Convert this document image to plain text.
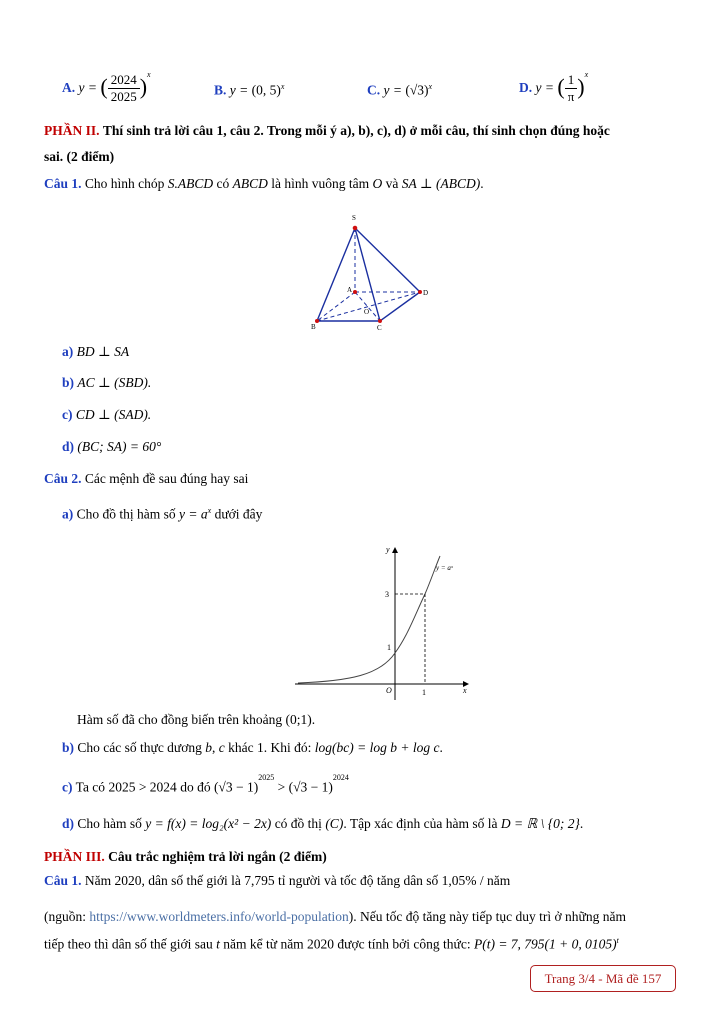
A. y = ( $\frac{2024}{2025} )^x$
B. y = (0, 5)$^x$	C. $y = (√3)^x$	D. y = ( $\frac{1}{\pi} )^x$
PHẦN II. Thí sinh trả lời câu 1, câu 2. Trong mỗi ý a), b), c), d) ở mỗi câu, thí sinh chọn đúng hoặc
sai. (2 điểm)
Câu 1. Cho hình chóp S.ABCD có ABCD là hình vuông tâm O và SA ⊥ (ABCD).
S
A
B	C
D
O
a) BD ⊥ SA
b) AC ⊥ (SBD).
c) CD ⊥ (SAD).
d) (BC; SA) = 60°
Câu 2. Các mệnh đề sau đúng hay sai
a) Cho đồ thị hàm số $y = a^x$ dưới đây
y
x
y = aˣ
3
1
1
O
Hàm số đã cho đồng biến trên khoảng (0;1).
b) Cho các số thực dương b, c khác 1. Khi đó: log(bc) = log b + log c.
c) Ta có 2025 > 2024 do đó $(√3 - 1)^{2025} > (√3 - 1)^{2024}$
d) Cho hàm số y = f(x) = log₂(x² − 2x) có đồ thị (C). Tập xác định của hàm số là D = ℝ \ {0; 2}.
PHẦN III. Câu trắc nghiệm trả lời ngắn (2 điểm)
Câu 1. Năm 2020, dân số thế giới là 7,795 tỉ người và tốc độ tăng dân số 1,05% / năm
(nguồn: https://www.worldmeters.info/world-population). Nếu tốc độ tăng này tiếp tục duy trì ở những năm
tiếp theo thì dân số thế giới sau t năm kể từ năm 2020 được tính bởi công thức: P(t) = 7, 795(1 + 0, 0105)$^t$
Trang 3/4 - Mã đề 157
